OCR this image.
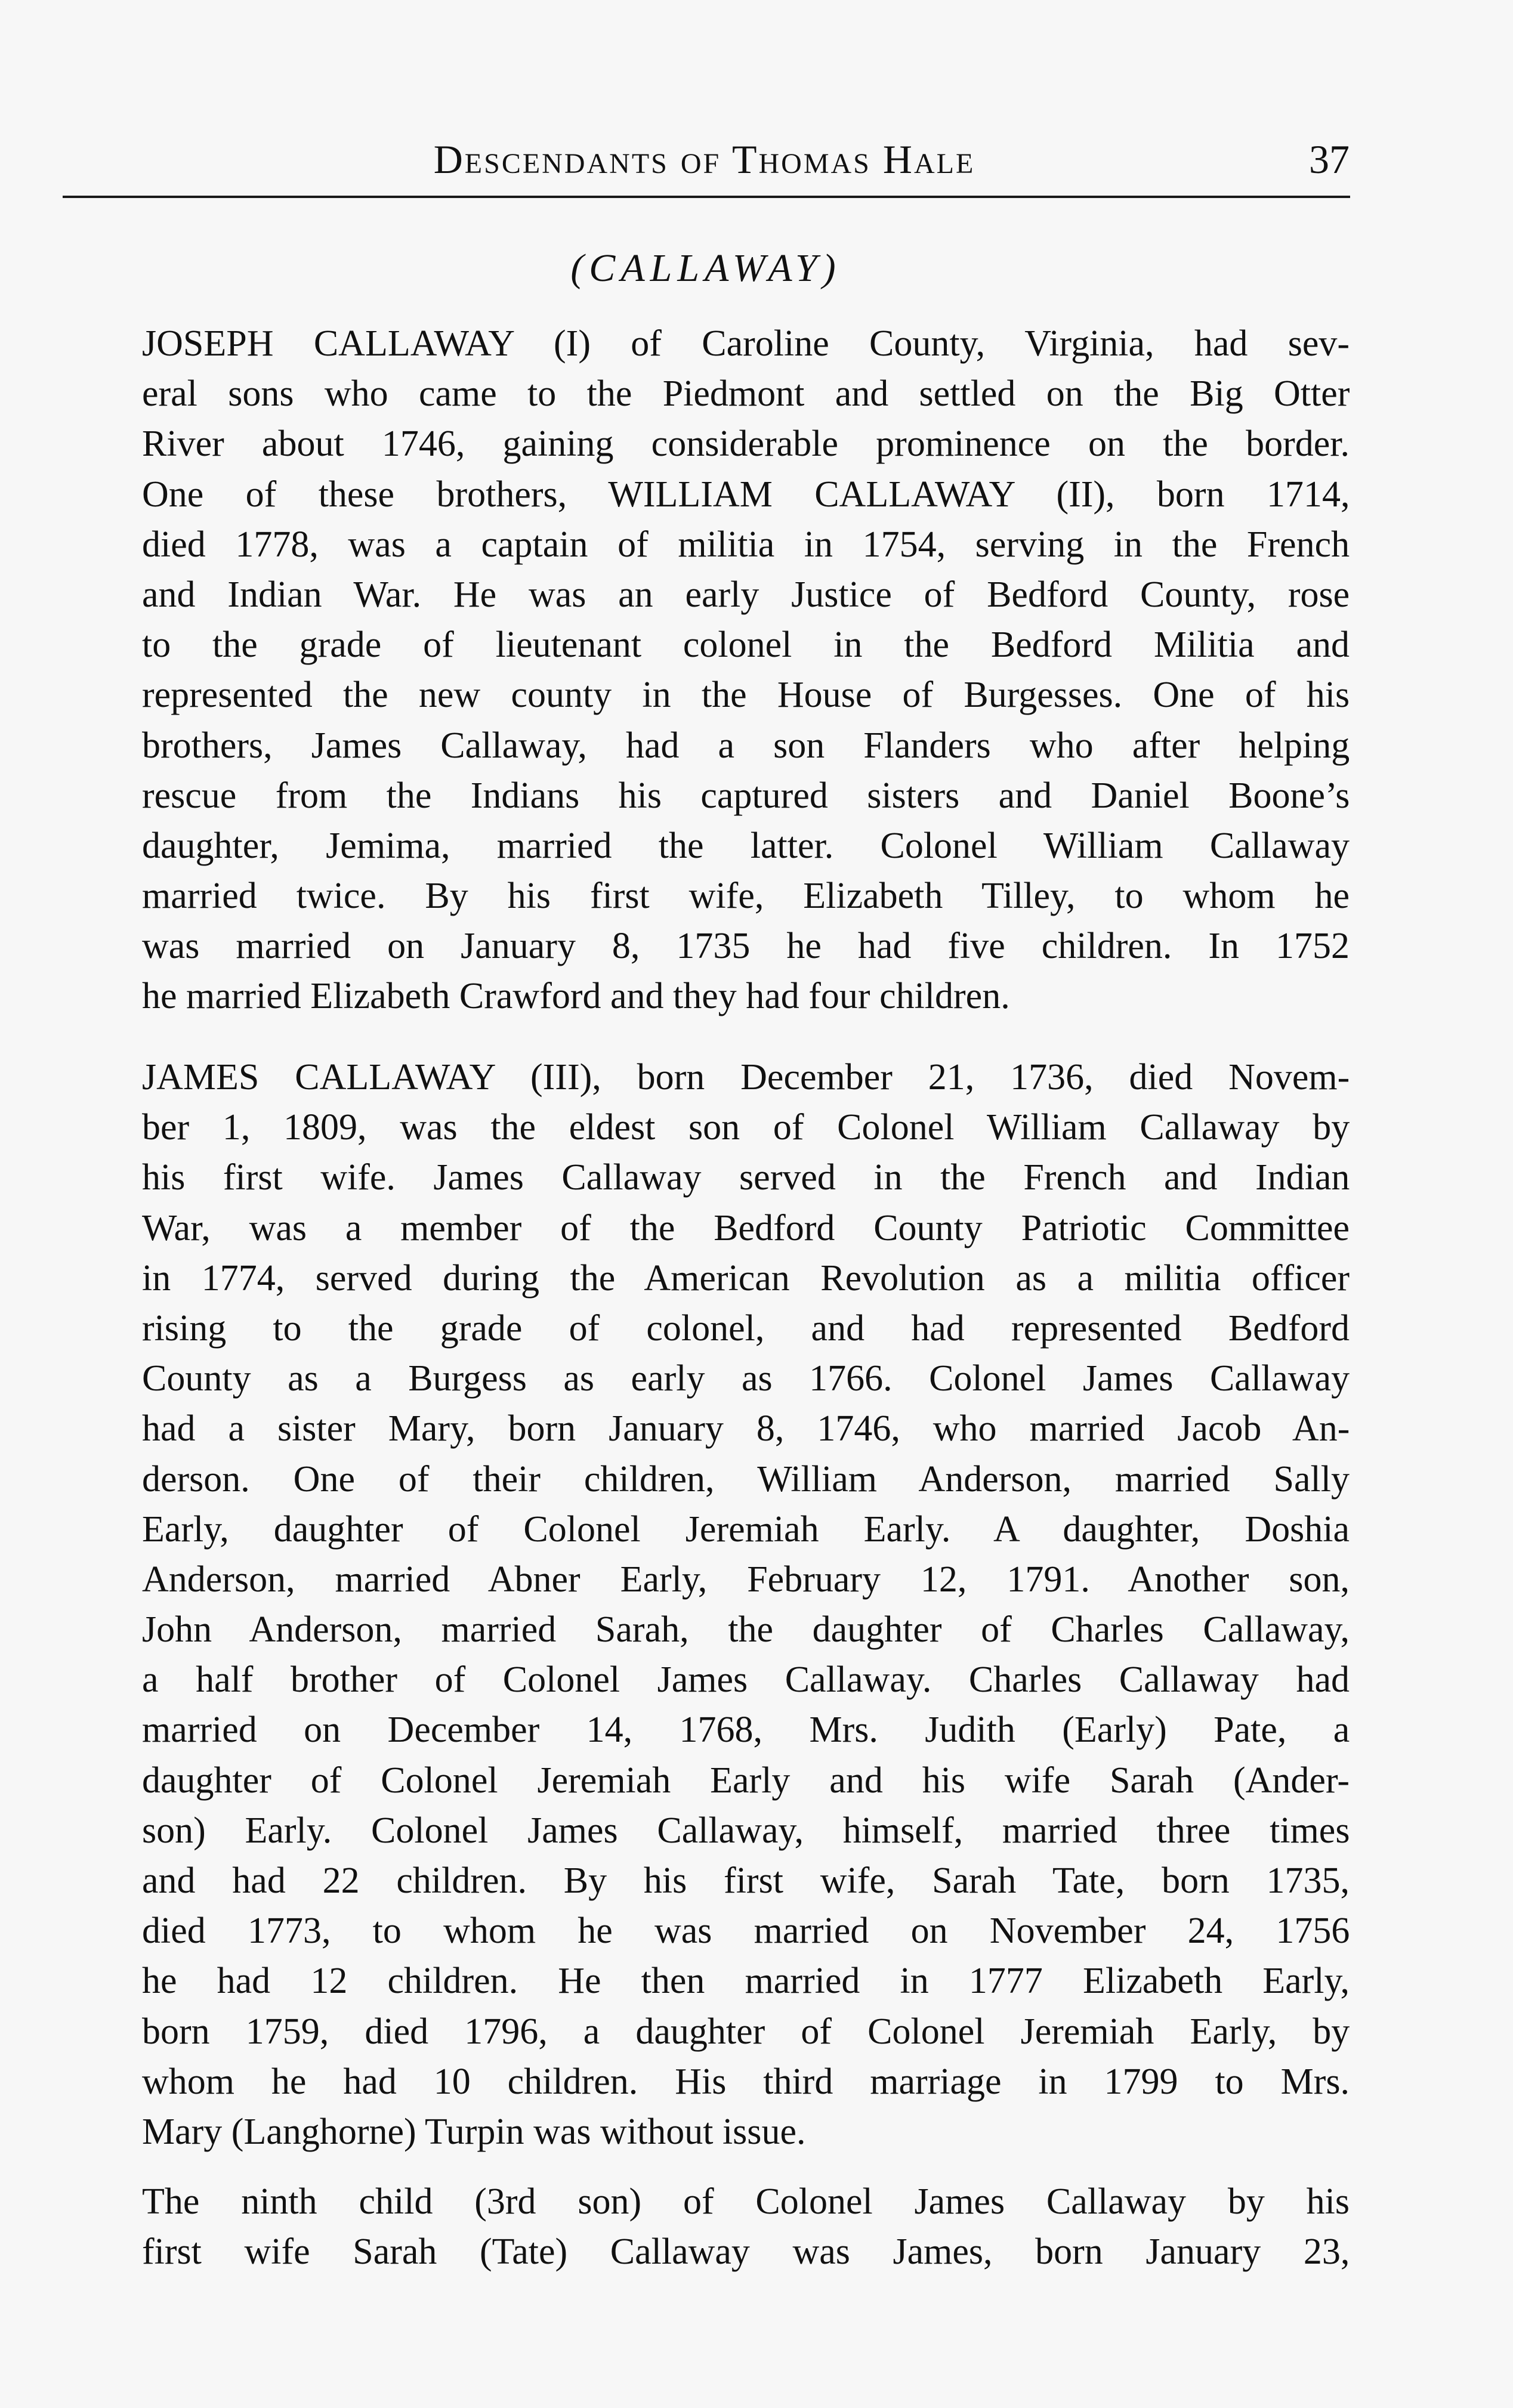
Descendants of Thomas Hale	37
(CALLAWAY)
JOSEPH CALLAWAY (I) of Caroline County, Virginia, had sev-
eral sons who came to the Piedmont and settled on the Big Otter
River about 1746, gaining considerable prominence on the border.
One of these brothers, WILLIAM CALLAWAY (II), born 1714,
died 1778, was a captain of militia in 1754, serving in the French
and Indian War. He was an early Justice of Bedford County, rose
to the grade of lieutenant colonel in the Bedford Militia and
represented the new county in the House of Burgesses. One of his
brothers, James Callaway, had a son Flanders who after helping
rescue from the Indians his captured sisters and Daniel Boone’s
daughter, Jemima, married the latter. Colonel William Callaway
married twice. By his first wife, Elizabeth Tilley, to whom he
was married on January 8, 1735 he had five children. In 1752
he married Elizabeth Crawford and they had four children.
JAMES CALLAWAY (III), born December 21, 1736, died Novem-
ber 1, 1809, was the eldest son of Colonel William Callaway by
his first wife. James Callaway served in the French and Indian
War, was a member of the Bedford County Patriotic Committee
in 1774, served during the American Revolution as a militia officer
rising to the grade of colonel, and had represented Bedford
County as a Burgess as early as 1766. Colonel James Callaway
had a sister Mary, born January 8, 1746, who married Jacob An-
derson. One of their children, William Anderson, married Sally
Early, daughter of Colonel Jeremiah Early. A daughter, Doshia
Anderson, married Abner Early, February 12, 1791. Another son,
John Anderson, married Sarah, the daughter of Charles Callaway,
a half brother of Colonel James Callaway. Charles Callaway had
married on December 14, 1768, Mrs. Judith (Early) Pate, a
daughter of Colonel Jeremiah Early and his wife Sarah (Ander-
son) Early. Colonel James Callaway, himself, married three times
and had 22 children. By his first wife, Sarah Tate, born 1735,
died 1773, to whom he was married on November 24, 1756
he had 12 children. He then married in 1777 Elizabeth Early,
born 1759, died 1796, a daughter of Colonel Jeremiah Early, by
whom he had 10 children. His third marriage in 1799 to Mrs.
Mary (Langhorne) Turpin was without issue.
The ninth child (3rd son) of Colonel James Callaway by his
first wife Sarah (Tate) Callaway was James, born January 23,
